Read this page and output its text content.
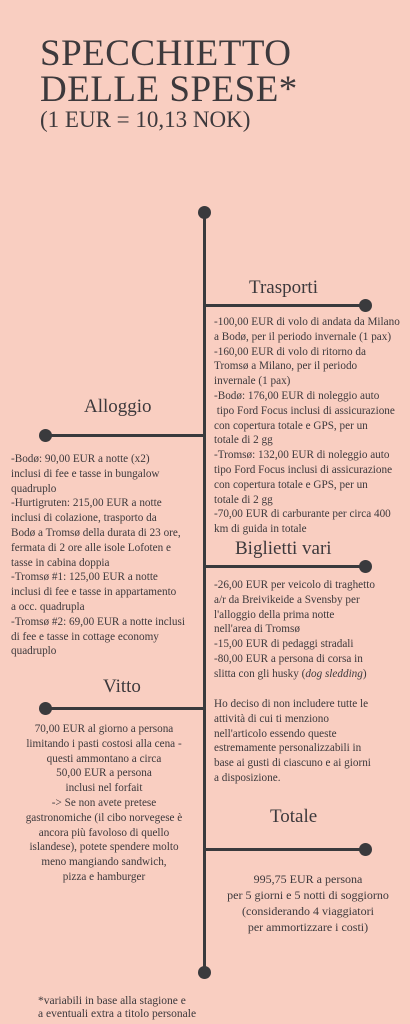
SPECCHIETTO
DELLE SPESE*
(1 EUR = 10,13 NOK)
Trasporti
-100,00 EUR di volo di andata da Milano
a Bodø, per il periodo invernale (1 pax)
-160,00 EUR di volo di ritorno da
Tromsø a Milano, per il periodo
invernale (1 pax)
-Bodø: 176,00 EUR di noleggio auto
tipo Ford Focus inclusi di assicurazione
con copertura totale e GPS, per un
totale di 2 gg
-Tromsø: 132,00 EUR di noleggio auto
tipo Ford Focus inclusi di assicurazione
con copertura totale e GPS, per un
totale di 2 gg
-70,00 EUR di carburante per circa 400
km di guida in totale
Alloggio
-Bodø: 90,00 EUR a notte (x2)
inclusi di fee e tasse in bungalow
quadruplo
-Hurtigruten: 215,00 EUR a notte
inclusi di colazione, trasporto da
Bodø a Tromsø della durata di 23 ore,
fermata di 2 ore alle isole Lofoten e
tasse in cabina doppia
-Tromsø #1: 125,00 EUR a notte
inclusi di fee e tasse in appartamento
a occ. quadrupla
-Tromsø #2: 69,00 EUR a notte inclusi
di fee e tasse in cottage economy
quadruplo
Biglietti vari
-26,00 EUR per veicolo di traghetto
a/r da Breivikeide a Svensby per
l'alloggio della prima notte
nell'area di Tromsø
-15,00 EUR di pedaggi stradali
-80,00 EUR a persona di corsa in
slitta con gli husky (dog sledding)
Ho deciso di non includere tutte le
attività di cui ti menziono
nell'articolo essendo queste
estremamente personalizzabili in
base ai gusti di ciascuno e ai giorni
a disposizione.
Vitto
70,00 EUR al giorno a persona
limitando i pasti costosi alla cena -
questi ammontano a circa
50,00 EUR a persona
inclusi nel forfait
-> Se non avete pretese
gastronomiche (il cibo norvegese è
ancora più favoloso di quello
islandese), potete spendere molto
meno mangiando sandwich,
pizza e hamburger
Totale
995,75 EUR a persona
per 5 giorni e 5 notti di soggiorno
(considerando 4 viaggiatori
per ammortizzare i costi)
*variabili in base alla stagione e
a eventuali extra a titolo personale
